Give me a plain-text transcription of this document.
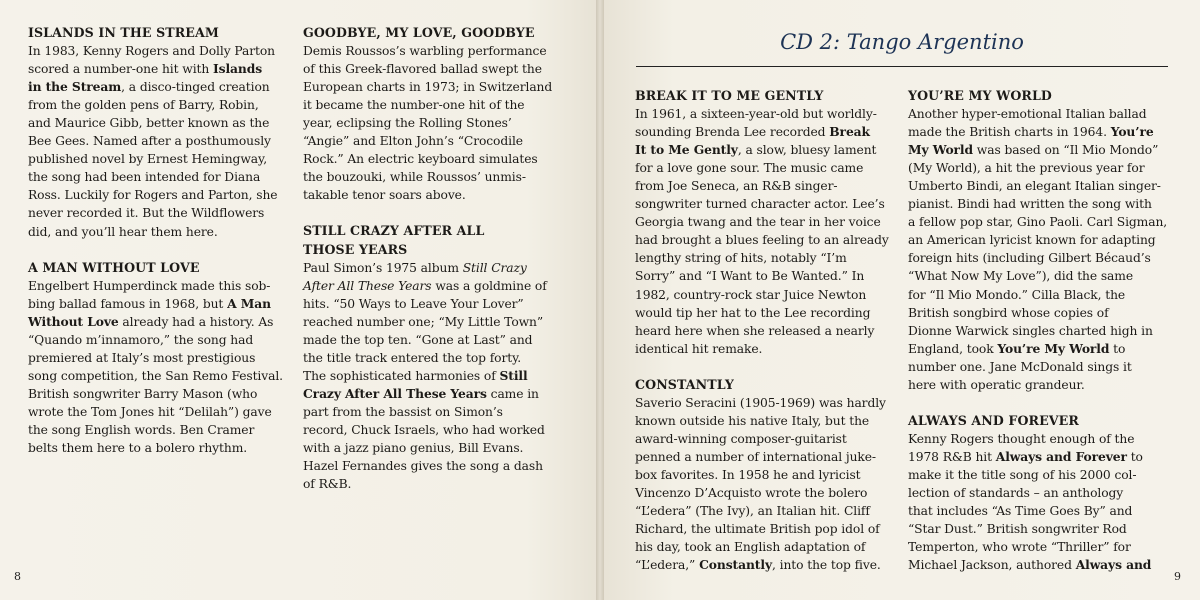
ISLANDS IN THE STREAM

In 1983, Kenny Rogers and Dolly Parton

scored a number-one hit with Islands

in the Stream, a disco-tinged creation

from the golden pens of Barry, Robin,

and Maurice Gibb, better known as the

Bee Gees. Named after a posthumously

published novel by Ernest Hemingway,

the song had been intended for Diana

Ross. Luckily for Rogers and Parton, she

never recorded it. But the Wildflowers

did, and you’ll hear them here.

A MAN WITHOUT LOVE

Engelbert Humperdinck made this sob-

bing ballad famous in 1968, but A Man

Without Love already had a history. As

“Quando m’innamoro,” the song had

premiered at Italy’s most prestigious

song competition, the San Remo Festival.

British songwriter Barry Mason (who

wrote the Tom Jones hit “Delilah”) gave

the song English words. Ben Cramer

belts them here to a bolero rhythm.

GOODBYE, MY LOVE, GOODBYE

Demis Roussos’s warbling performance

of this Greek-flavored ballad swept the

European charts in 1973; in Switzerland

it became the number-one hit of the

year, eclipsing the Rolling Stones’

“Angie” and Elton John’s “Crocodile

Rock.” An electric keyboard simulates

the bouzouki, while Roussos’ unmis-

takable tenor soars above.

STILL CRAZY AFTER ALL

THOSE YEARS

Paul Simon’s 1975 album Still Crazy

After All These Years was a goldmine of

hits. “50 Ways to Leave Your Lover”

reached number one; “My Little Town”

made the top ten. “Gone at Last” and

the title track entered the top forty.

The sophisticated harmonies of Still

Crazy After All These Years came in

part from the bassist on Simon’s

record, Chuck Israels, who had worked

with a jazz piano genius, Bill Evans.

Hazel Fernandes gives the song a dash

of R&B.

CD 2: Tango Argentino

BREAK IT TO ME GENTLY

In 1961, a sixteen-year-old but worldly-

sounding Brenda Lee recorded Break

It to Me Gently, a slow, bluesy lament

for a love gone sour. The music came

from Joe Seneca, an R&B singer-

songwriter turned character actor. Lee’s

Georgia twang and the tear in her voice

had brought a blues feeling to an already

lengthy string of hits, notably “I’m

Sorry” and “I Want to Be Wanted.” In

1982, country-rock star Juice Newton

would tip her hat to the Lee recording

heard here when she released a nearly

identical hit remake.

CONSTANTLY

Saverio Seracini (1905-1969) was hardly

known outside his native Italy, but the

award-winning composer-guitarist

penned a number of international juke-

box favorites. In 1958 he and lyricist

Vincenzo D’Acquisto wrote the bolero

“L’edera” (The Ivy), an Italian hit. Cliff

Richard, the ultimate British pop idol of

his day, took an English adaptation of

“L’edera,” Constantly, into the top five.

YOU’RE MY WORLD

Another hyper-emotional Italian ballad

made the British charts in 1964. You’re

My World was based on “Il Mio Mondo”

(My World), a hit the previous year for

Umberto Bindi, an elegant Italian singer-

pianist. Bindi had written the song with

a fellow pop star, Gino Paoli. Carl Sigman,

an American lyricist known for adapting

foreign hits (including Gilbert Bécaud’s

“What Now My Love”), did the same

for “Il Mio Mondo.” Cilla Black, the

British songbird whose copies of

Dionne Warwick singles charted high in

England, took You’re My World to

number one. Jane McDonald sings it

here with operatic grandeur.

ALWAYS AND FOREVER

Kenny Rogers thought enough of the

1978 R&B hit Always and Forever to

make it the title song of his 2000 col-

lection of standards – an anthology

that includes “As Time Goes By” and

“Star Dust.” British songwriter Rod

Temperton, who wrote “Thriller” for

Michael Jackson, authored Always and

8	9
